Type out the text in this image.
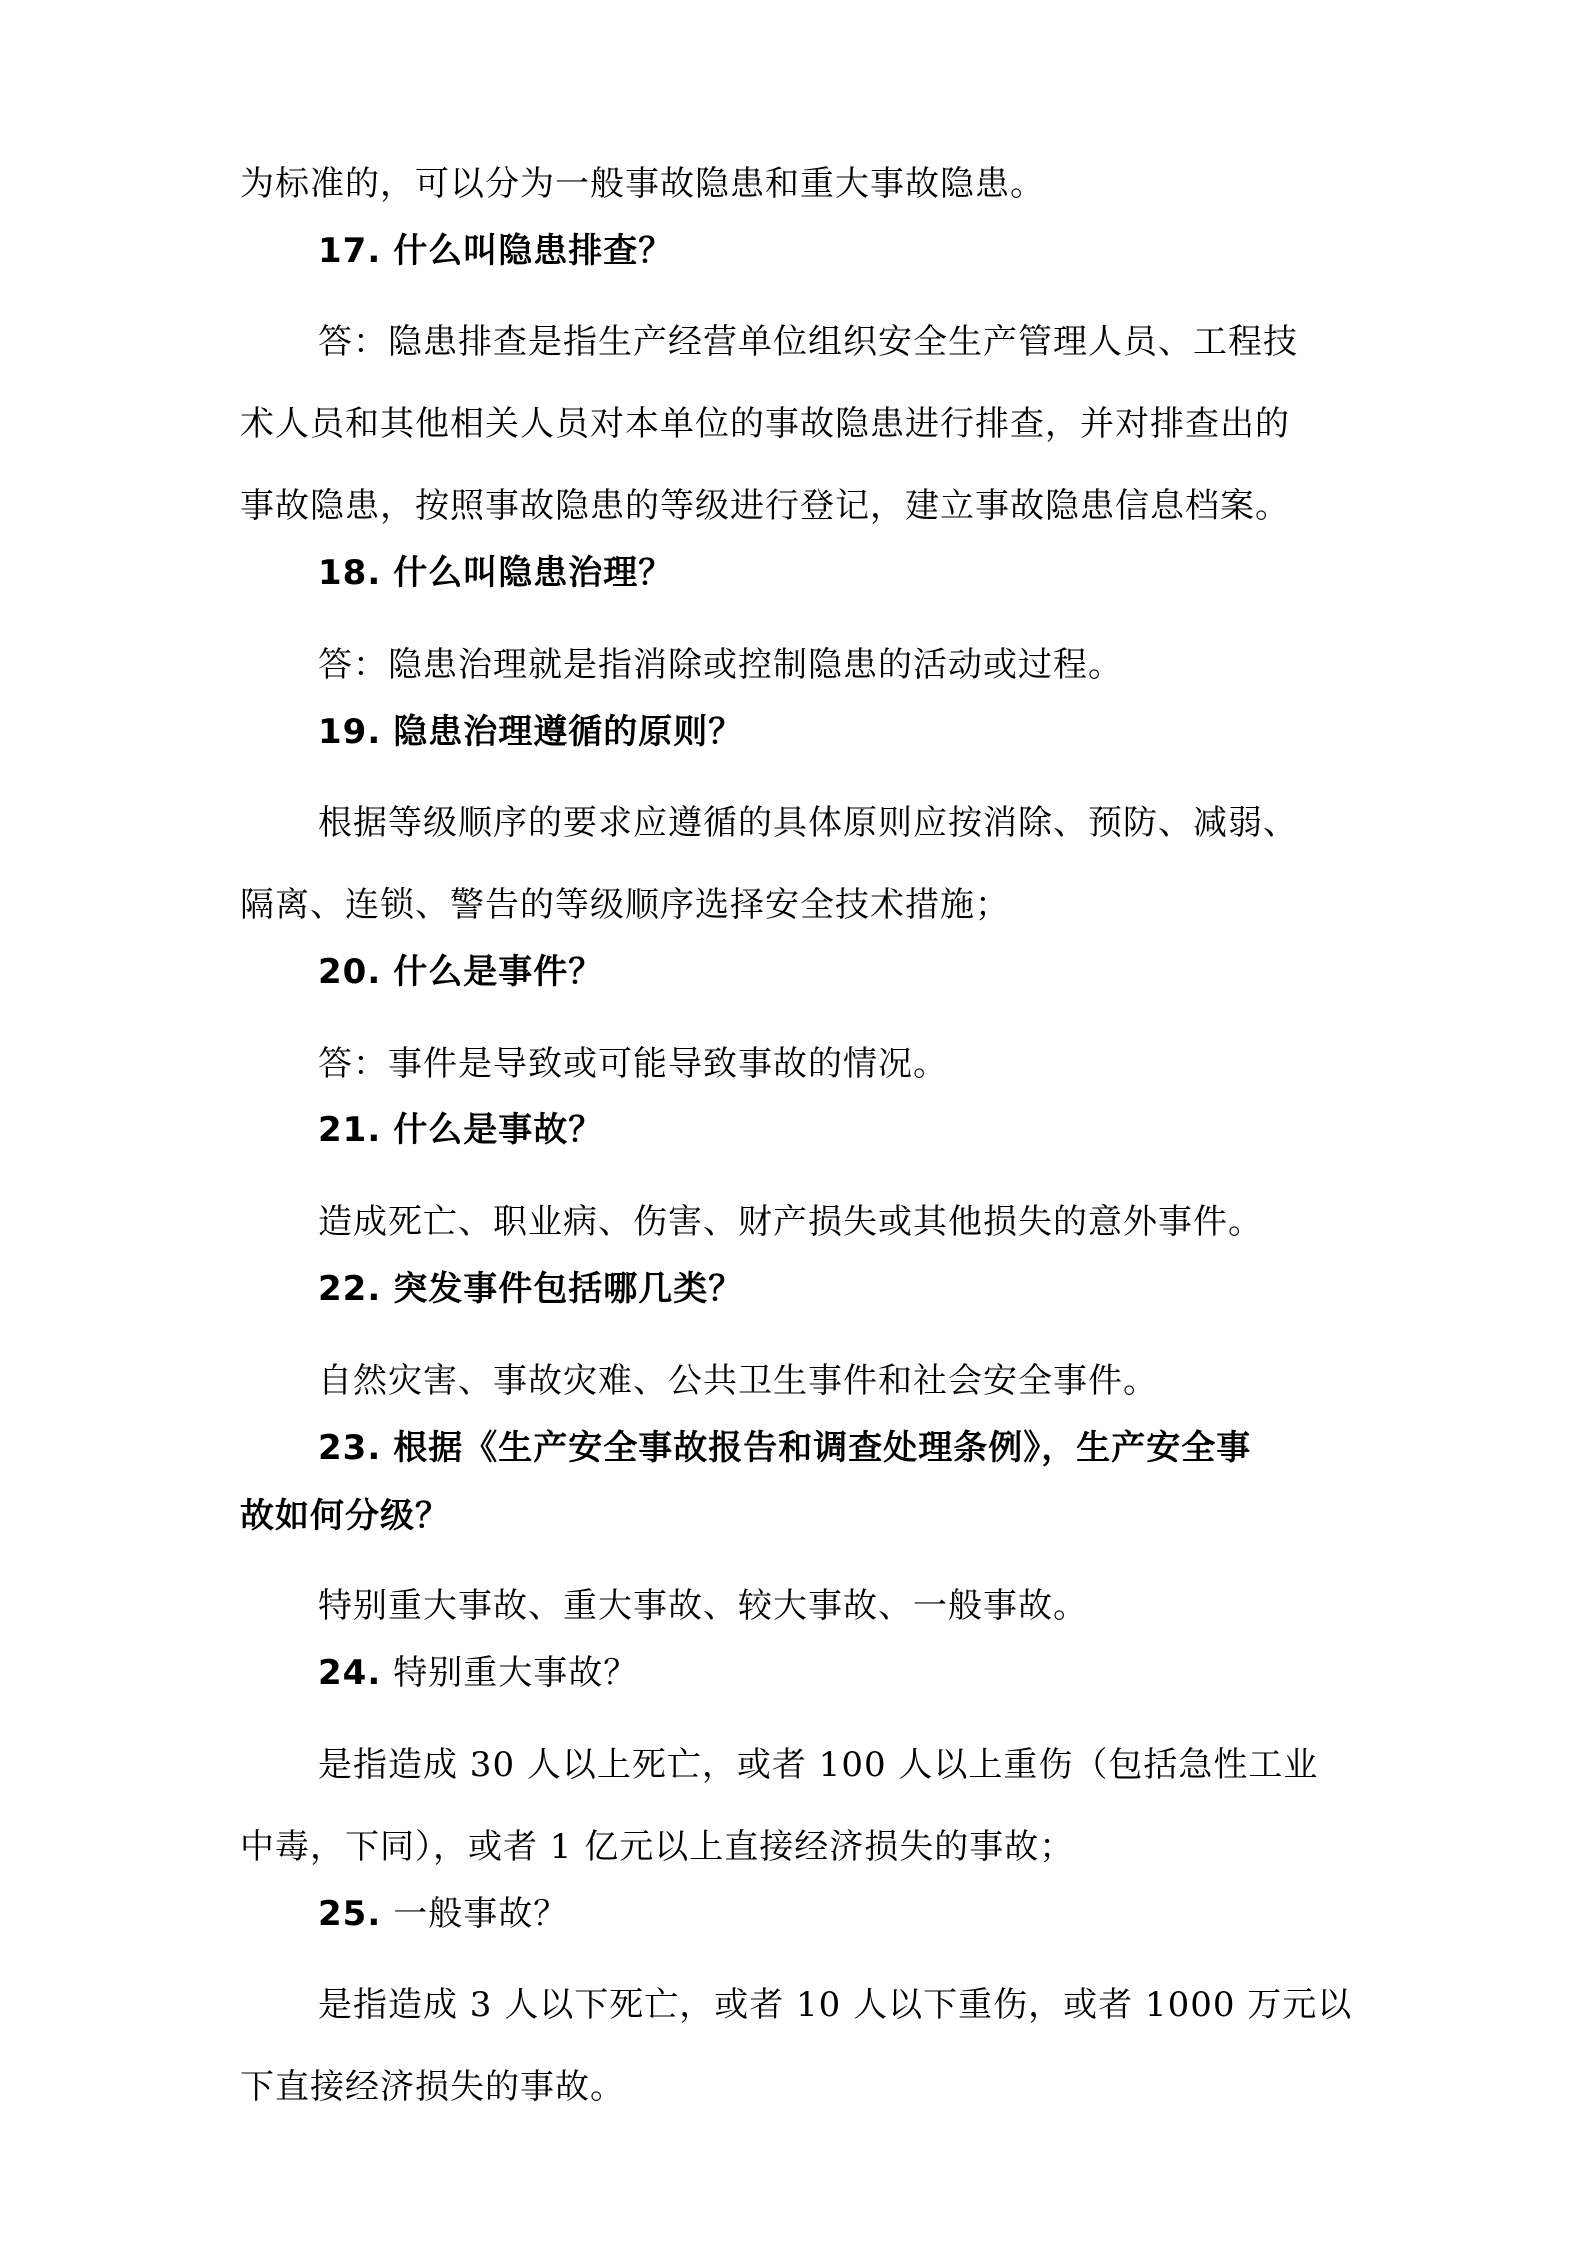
为标准的，可以分为一般事故隐患和重大事故隐患。
17. 什么叫隐患排查？
答：隐患排查是指生产经营单位组织安全生产管理人员、工程技
术人员和其他相关人员对本单位的事故隐患进行排查，并对排查出的
事故隐患，按照事故隐患的等级进行登记，建立事故隐患信息档案。
18. 什么叫隐患治理？
答：隐患治理就是指消除或控制隐患的活动或过程。
19. 隐患治理遵循的原则？
根据等级顺序的要求应遵循的具体原则应按消除、预防、减弱、
隔离、连锁、警告的等级顺序选择安全技术措施；
20. 什么是事件？
答：事件是导致或可能导致事故的情况。
21. 什么是事故？
造成死亡、职业病、伤害、财产损失或其他损失的意外事件。
22. 突发事件包括哪几类？
自然灾害、事故灾难、公共卫生事件和社会安全事件。
23. 根据《生产安全事故报告和调查处理条例》，生产安全事
故如何分级？
特别重大事故、重大事故、较大事故、一般事故。
24. 特别重大事故？
是指造成 30 人以上死亡，或者 100 人以上重伤（包括急性工业
中毒，下同），或者 1 亿元以上直接经济损失的事故；
25. 一般事故？
是指造成 3 人以下死亡，或者 10 人以下重伤，或者 1000 万元以
下直接经济损失的事故。
